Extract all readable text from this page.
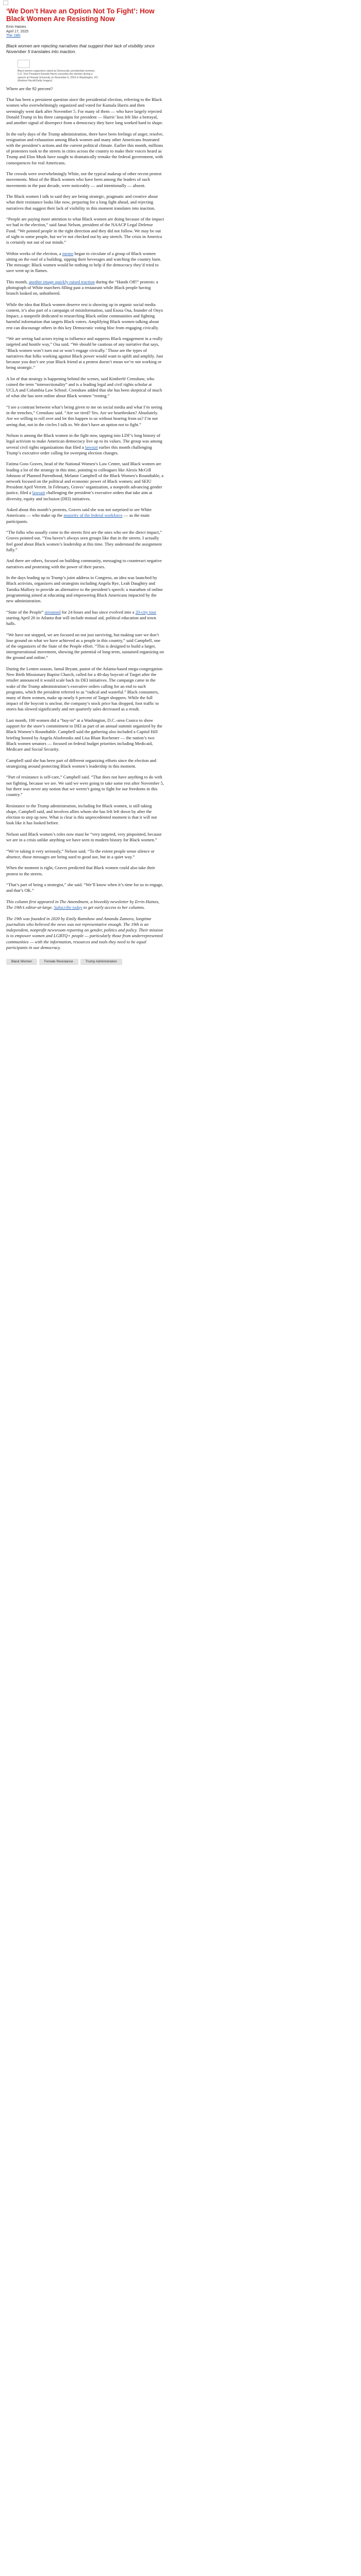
‘We Don’t Have an Option Not To Fight’: How Black Women Are Resisting Now
Errin Haines
April 17, 2025
The 19th
Black women are rejecting narratives that suggest their lack of visibility since November 5 translates into inaction.
Black women supporters stand as Democratic presidential nominee, U.S. Vice President Kamala Harris concedes the election during a speech at Howard University on November 6, 2024 in Washington, DC. (Andrew Harnik/Getty Images)

Where are the 92 percent?

That has been a persistent question since the presidential election, referring to the Black women who overwhelmingly organized and voted for Kamala Harris and then seemingly went dark after November 5. For many of them — who have largely rejected Donald Trump in his three campaigns for president — Harris’ loss felt like a betrayal, and another signal of disrespect from a democracy they have long worked hard to shape.

In the early days of the Trump administration, there have been feelings of anger, resolve, resignation and exhaustion among Black women and many other Americans frustrated with the president’s actions and the current political climate. Earlier this month, millions of protesters took to the streets in cities across the country to make their voices heard as Trump and Elon Musk have sought to dramatically remake the federal government, with consequences for real Americans.

The crowds were overwhelmingly White, not the typical makeup of other recent protest movements. Most of the Black women who have been among the leaders of such movements in the past decade, were noticeably — and intentionally — absent.

The Black women I talk to said they are being strategic, pragmatic and creative about what their resistance looks like now, preparing for a long fight ahead, and rejecting narratives that suggest their lack of visibility in this moment translates into inaction.

“People are paying more attention to what Black women are doing because of the impact we had in the election,” said Janai Nelson, president of the NAACP Legal Defense Fund. “We pointed people in the right direction and they did not follow. We may be out of sight to some people, but we’re not checked out by any stretch. The crisis in America is certainly not out of our minds.”

Within weeks of the election, a memo began to circulate of a group of Black women sitting on the roof of a building, sipping their beverages and watching the country burn. The message: Black women would be nothing to help if the democracy they’d tried to save went up in flames.

This month, another image quickly raised traction during the “Hands Off!” protests: a photograph of White marchers filling past a restaurant while Black people having brunch looked on, unbothered.

While the idea that Black women deserve rest is showing up in organic social media content, it’s also part of a campaign of misinformation, said Esosa Osa, founder of Onyx Impact, a nonprofit dedicated to researching Black online communities and fighting harmful information that targets Black voters. Amplifying Black women talking about rest can discourage others in this key Democratic voting bloc from engaging civically.

“We are seeing bad actors trying to influence and suppress Black engagement in a really targeted and hostile way,” Osa said. “We should be cautious of any narrative that says, ‘Black women won’t turn out or won’t engage civically.’ Those are the types of narratives that folks working against Black power would want to uplift and amplify. Just because you don’t see your Black friend at a protest doesn’t mean we’re not working or being strategic.”

A lot of that strategy is happening behind the scenes, said Kimberlé Crenshaw, who coined the term “intersectionality” and is a leading legal and civil rights scholar at UCLA and Columbia Law School. Crenshaw added that she has been skeptical of much of what she has seen online about Black women “resting.”

“I see a contrast between what’s being given to me on social media and what I’m seeing in the trenches,” Crenshaw said. “Are we tired? Yes. Are we heartbroken? Absolutely. Are we willing to roll over and let this happen to us without hearing from us? I’m not seeing that, not in the circles I talk to. We don’t have an option not to fight.”

Nelson is among the Black women in the fight now, tapping into LDF’s long history of legal activism to make American democracy live up to its values. The group was among several civil rights organizations that filed a lawsuit earlier this month challenging Trump’s executive order calling for sweeping election changes.

Fatima Goss Graves, head of the National Women’s Law Center, said Black women are leading a lot of the strategy in this time, pointing to colleagues like Alexis McGill Johnson of Planned Parenthood, Melanie Campbell of the Black Women’s Roundtable, a network focused on the political and economic power of Black women; and SEIU President April Verrett. In February, Graves’ organization, a nonprofit advancing gender justice, filed a lawsuit challenging the president’s executive orders that take aim at diversity, equity and inclusion (DEI) initiatives.

Asked about this month’s protests, Graves said she was not surprised to see White Americans — who make up the majority of the federal workforce — as the main participants.

“The folks who usually come to the streets first are the ones who see the direct impact,” Graves pointed out. “You haven’t always seen groups like that in the streets. I actually feel good about Black women’s leadership at this time. They understand the assignment fully.”

And there are others, focused on building community, messaging to counteract negative narratives and protesting with the power of their purses.

In the days leading up to Trump’s joint address to Congress, an idea was launched by Black activists, organizers and strategists including Angela Rye, Leah Daughtry and Tamika Mallory to provide an alternative to the president’s speech: a marathon of online programming aimed at educating and empowering Black Americans impacted by the new administration.

“State of the People” streamed for 24 hours and has since evolved into a 20-city tour starting April 26 in Atlanta that will include mutual aid, political education and town halls.

“We have not stopped, we are focused on not just surviving, but making sure we don’t lose ground on what we have achieved as a people in this country,” said Campbell, one of the organizers of the State of the People effort. “This is designed to build a larger, intergenerational movement, showing the potential of long-term, sustained organizing on the ground and online.”

During the Lenten season, Jamal Bryant, pastor of the Atlanta-based mega-congregation New Birth Missionary Baptist Church, called for a 40-day boycott of Target after the retailer announced it would scale back its DEI initiatives. The campaign came in the wake of the Trump administration’s executive orders calling for an end to such programs, which the president referred to as “radical and wasteful.” Black consumers, many of them women, make up nearly 6 percent of Target shoppers. While the full impact of the boycott is unclear, the company’s stock price has dropped, foot traffic to stores has slowed significantly and net quarterly sales decreased as a result.

Last month, 100 women did a “buy-in” at a Washington, D.C.-area Costco to show support for the store’s commitment to DEI as part of an annual summit organized by the Black Women’s Roundtable. Campbell said the gathering also included a Capitol Hill briefing hosted by Angela Alsobrooks and Lisa Blunt Rochester — the nation’s two Black women senators — focused on federal budget priorities including Medicaid, Medicare and Social Security.

Campbell said she has been part of different organizing efforts since the election and strategizing around protecting Black women’s leadership in this moment.

“Part of resistance is self-care,” Campbell said. “That does not have anything to do with not fighting, because we are. We said we were going to take some rest after November 5, but there was never any notion that we weren’t going to fight for our freedoms in this country.”

Resistance to the Trump administration, including for Black women, is still taking shape, Campbell said, and involves allies whom she has felt left down by after the election to step up now. What is clear is this unprecedented moment is that it will not look like it has looked before.

Nelson said Black women’s roles now must be “very targeted, very pinpointed, because we are in a crisis unlike anything we have seen in modern history for Black women.”

“We’re taking it very seriously,” Nelson said. “To the extent people sense silence or absence, those messages are being used to good use, but in a quiet way.”

When the moment is right, Graves predicted that Black women could also take their protest to the streets.

“That’s part of being a strategist,” she said. “We’ll know when it’s time for us to engage, and that’s OK.”

This column first appeared in The Amendment, a biweekly newsletter by Errin Haines, The 19th’s editor-at-large. Subscribe today to get early access to her columns.

The 19th was founded in 2020 by Emily Ramshaw and Amanda Zamora, longtime journalists who believed the news was not representative enough. The 19th is an independent, nonprofit newsroom reporting on gender, politics and policy. Their mission is to empower women and LGBTQ+ people — particularly those from underrepresented communities — with the information, resources and tools they need to be equal participants in our democracy.

Black Women	Female Resistance	Trump Administration
